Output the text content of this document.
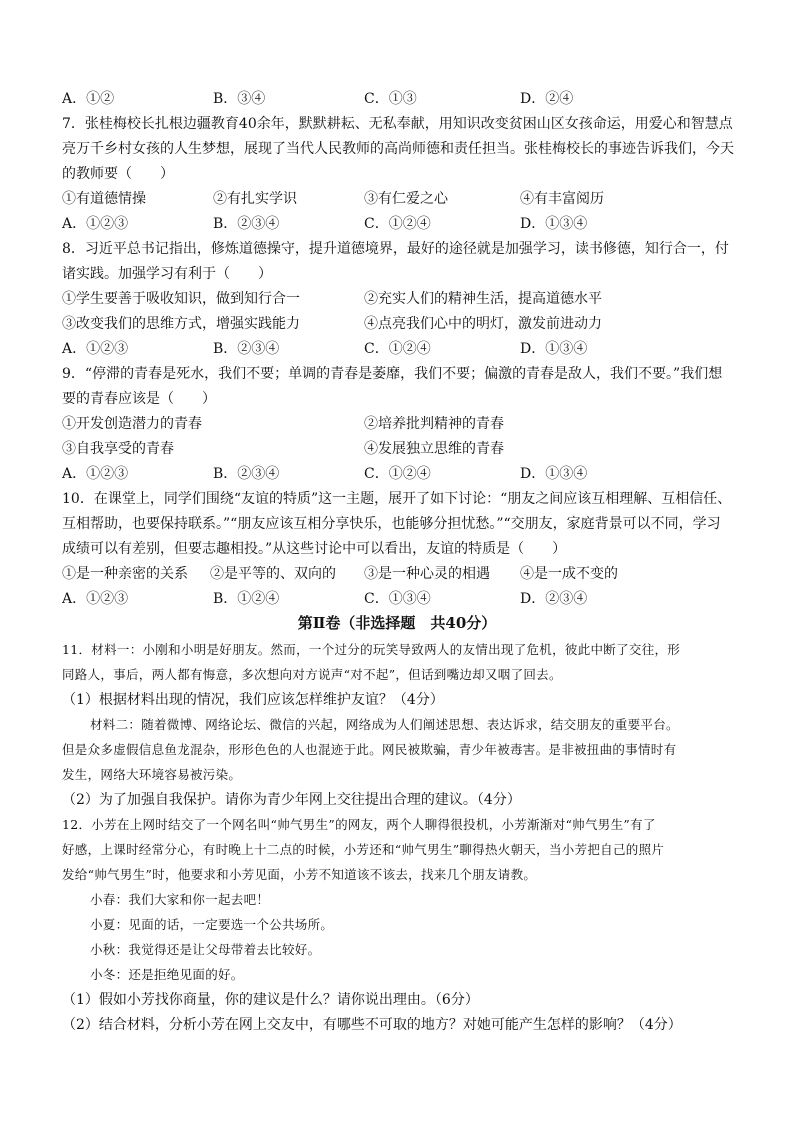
A．①②	B．③④	C．①③	D．②④
7．张桂梅校长扎根边疆教育40余年，默默耕耘、无私奉献，用知识改变贫困山区女孩命运，用爱心和智慧点
亮万千乡村女孩的人生梦想，展现了当代人民教师的高尚师德和责任担当。张桂梅校长的事迹告诉我们，今天
的教师要（　　）
①有道德情操	②有扎实学识	③有仁爱之心	④有丰富阅历
A．①②③	B．②③④	C．①②④	D．①③④
8．习近平总书记指出，修炼道德操守，提升道德境界，最好的途径就是加强学习，读书修德，知行合一，付
诸实践。加强学习有利于（　　）
①学生要善于吸收知识，做到知行合一	②充实人们的精神生活，提高道德水平
③改变我们的思维方式，增强实践能力	④点亮我们心中的明灯，激发前进动力
A．①②③	B．②③④	C．①②④	D．①③④
9．“停滞的青春是死水，我们不要；单调的青春是萎靡，我们不要；偏激的青春是敌人，我们不要。”我们想
要的青春应该是（　　）
①开发创造潜力的青春	②培养批判精神的青春
③自我享受的青春	④发展独立思维的青春
A．①②③	B．②③④	C．①②④	D．①③④
10．在课堂上，同学们围绕“友谊的特质”这一主题，展开了如下讨论：“朋友之间应该互相理解、互相信任、
互相帮助，也要保持联系。”“朋友应该互相分享快乐，也能够分担忧愁。”“交朋友，家庭背景可以不同，学习
成绩可以有差别，但要志趣相投。”从这些讨论中可以看出，友谊的特质是（　　）
①是一种亲密的关系 ②是平等的、双向的 ③是一种心灵的相遇 ④是一成不变的
A．①②③	B．①②④	C．①③④	D．②③④
第Ⅱ卷（非选择题　共40分）
11．材料一：小刚和小明是好朋友。然而，一个过分的玩笑导致两人的友情出现了危机，彼此中断了交往，形
同路人，事后，两人都有悔意，多次想向对方说声“对不起”，但话到嘴边却又咽了回去。
（1）根据材料出现的情况，我们应该怎样维护友谊？（4分）
材料二：随着微博、网络论坛、微信的兴起，网络成为人们阐述思想、表达诉求，结交朋友的重要平台。
但是众多虚假信息鱼龙混杂，形形色色的人也混迹于此。网民被欺骗，青少年被毒害。是非被扭曲的事情时有
发生，网络大环境容易被污染。
（2）为了加强自我保护。请你为青少年网上交往提出合理的建议。（4分）
12．小芳在上网时结交了一个网名叫“帅气男生”的网友，两个人聊得很投机，小芳渐渐对“帅气男生”有了
好感，上课时经常分心，有时晚上十二点的时候，小芳还和“帅气男生”聊得热火朝天，当小芳把自己的照片
发给“帅气男生”时，他要求和小芳见面，小芳不知道该不该去，找来几个朋友请教。
小春：我们大家和你一起去吧！
小夏：见面的话，一定要选一个公共场所。
小秋：我觉得还是让父母带着去比较好。
小冬：还是拒绝见面的好。
（1）假如小芳找你商量，你的建议是什么？请你说出理由。（6分）
（2）结合材料，分析小芳在网上交友中，有哪些不可取的地方？对她可能产生怎样的影响？（4分）
